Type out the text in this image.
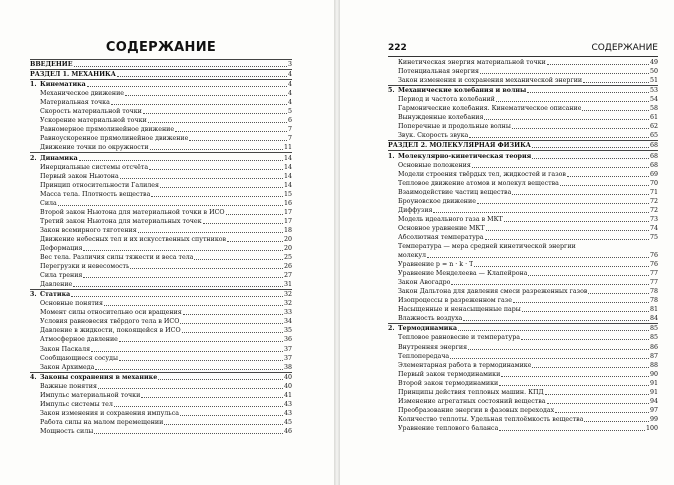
СОДЕРЖАНИЕ
ВВЕДЕНИЕ	3
РАЗДЕЛ 1. МЕХАНИКА	4
1. Кинематика	4
Механическое движение	4
Материальная точка	4
Скорость материальной точки	5
Ускорение материальной точки	6
Равномерное прямолинейное движение	7
Равноускоренное прямолинейное движение	7
Движение точки по окружности	11
2. Динамика	14
Инерциальные системы отсчёта	14
Первый закон Ньютона	14
Принцип относительности Галилея	14
Масса тела. Плотность вещества	15
Сила	16
Второй закон Ньютона для материальной точки в ИСО	17
Третий закон Ньютона для материальных точек	17
Закон всемирного тяготения	18
Движение небесных тел и их искусственных спутников	20
Деформация	20
Вес тела. Различия силы тяжести и веса тела	25
Перегрузки и невесомость	26
Сила трения	27
Давление	31
3. Статика	32
Основные понятия	32
Момент силы относительно оси вращения	33
Условия равновесия твёрдого тела в ИСО	34
Давление в жидкости, покоящейся в ИСО	35
Атмосферное давление	36
Закон Паскаля	37
Сообщающиеся сосуды	37
Закон Архимеда	38
4. Законы сохранения в механике	40
Важные понятия	40
Импульс материальной точки	41
Импульс системы тел	43
Закон изменения и сохранения импульса	43
Работа силы на малом перемещении	45
Мощность силы	46
222	СОДЕРЖАНИЕ
Кинетическая энергия материальной точки	49
Потенциальная энергия	50
Закон изменения и сохранения механической энергии	51
5. Механические колебания и волны	53
Период и частота колебаний	54
Гармонические колебания. Кинематическое описание	58
Вынужденные колебания	61
Поперечные и продольные волны	62
Звук. Скорость звука	65
РАЗДЕЛ 2. МОЛЕКУЛЯРНАЯ ФИЗИКА	68
1. Молекулярно-кинетическая теория	68
Основные положения	68
Модели строения твёрдых тел, жидкостей и газов	69
Тепловое движение атомов и молекул вещества	70
Взаимодействие частиц вещества	71
Броуновское движение	72
Диффузия	72
Модель идеального газа в МКТ	73
Основное уравнение МКТ	74
Абсолютная температура	75
Температура — мера средней кинетической энергии
молекул	76
Уравнение p = n · k · T	76
Уравнение Менделеева — Клапейрона	77
Закон Авогадро	77
Закон Дальтона для давления смеси разреженных газов	78
Изопроцессы в разреженном газе	78
Насыщенные и ненасыщенные пары	81
Влажность воздуха	84
2. Термодинамика	85
Тепловое равновесие и температура	85
Внутренняя энергия	86
Теплопередача	87
Элементарная работа в термодинамике	88
Первый закон термодинамики	90
Второй закон термодинамики	91
Принципы действия тепловых машин. КПД	91
Изменение агрегатных состояний вещества	94
Преобразование энергии в фазовых переходах	97
Количество теплоты. Удельная теплоёмкость вещества	99
Уравнение теплового баланса	100
